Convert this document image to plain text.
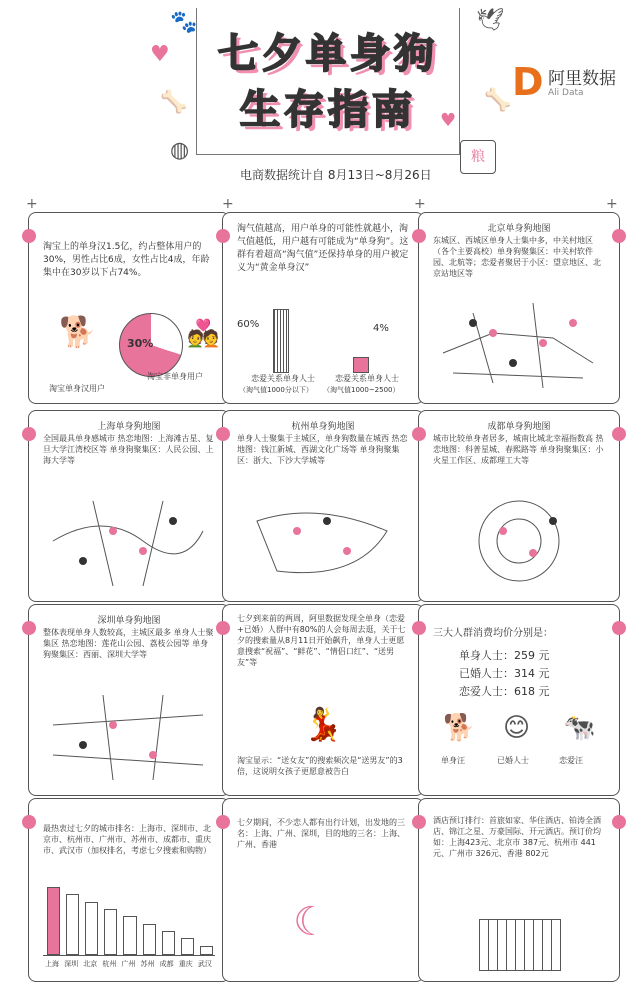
七夕单身狗
生存指南
🐾
♥
🦴
◍
🕊
🦴
♥
粮
D 阿里数据
Ali Data
电商数据统计自 8月13日~8月26日
+	+	+	+
淘宝上的单身汉1.5亿，约占整体用户的30%，男性占比6成，女性占比4成，年龄集中在30岁以下占74%。
30%
🐕	💑
淘宝单身汉用户
淘宝非单身用户
淘气值越高，用户单身的可能性就越小，淘气值越低，用户越有可能成为“单身狗”。这群有着超高“淘气值”还保持单身的用户被定义为“黄金单身汉”
60%	4%
恋爱关系单身人士
（淘气值1000分以下）
恋爱关系单身人士
（淘气值1000~2500）
北京单身狗地图
东城区、西城区单身人士集中多，中关村地区（各个主要高校）单身狗聚集区：中关村软件园、北航等；恋爱者聚居于小区：望京地区、北京站地区等
上海单身狗地图
全国最具单身感城市 热恋地图：上海滩古星、复旦大学江湾校区等 单身狗聚集区：人民公园、上海大学等
杭州单身狗地图
单身人士聚集于主城区，单身狗数量在城西 热恋地图：钱江新城、西湖文化广场等 单身狗聚集区：浙大、下沙大学城等
成都单身狗地图
城市比较单身者居多，城南比城北幸福指数高 热恋地图：科普星城、春熙路等 单身狗聚集区：小火星工作区、成都理工大等
深圳单身狗地图
整体表现单身人数较高，主城区最多 单身人士聚集区 热恋地图：莲花山公园、荔枝公园等 单身狗聚集区：西丽、深圳大学等
七夕到来前的两周，阿里数据发现全单身（恋爱+已婚）人群中有80%的人会每周去逛，关于七夕的搜索量从8月11日开始飙升，单身人士更愿意搜索“祝福”、“鲜花”、“情侣口红”、“送男友”等
💃
淘宝显示：“送女友”的搜索频次是“送男友”的3倍，这说明女孩子更愿意被告白
三大人群消费均价分别是：
单身人士：259 元
已婚人士：314 元
恋爱人士：618 元
🐕 😊 🐄
单身汪	已婚人士	恋爱汪
最热衷过七夕的城市排名：上海市、深圳市、北京市、杭州市、广州市、苏州市、成都市、重庆市、武汉市（加权排名，考虑七夕搜索和购物）
上海 深圳 北京 杭州 广州 苏州 成都 重庆 武汉
七夕期间，不少恋人都有出行计划，出发地的三名：上海、广州、深圳，目的地的三名：上海、广州、香港
☾
酒店预订排行：首旅如家、华住酒店、铂涛全酒店、锦江之星、万豪国际、开元酒店。预订价均如：上海423元、北京市 387元、杭州市 441元、广州市 326元、香港 802元
